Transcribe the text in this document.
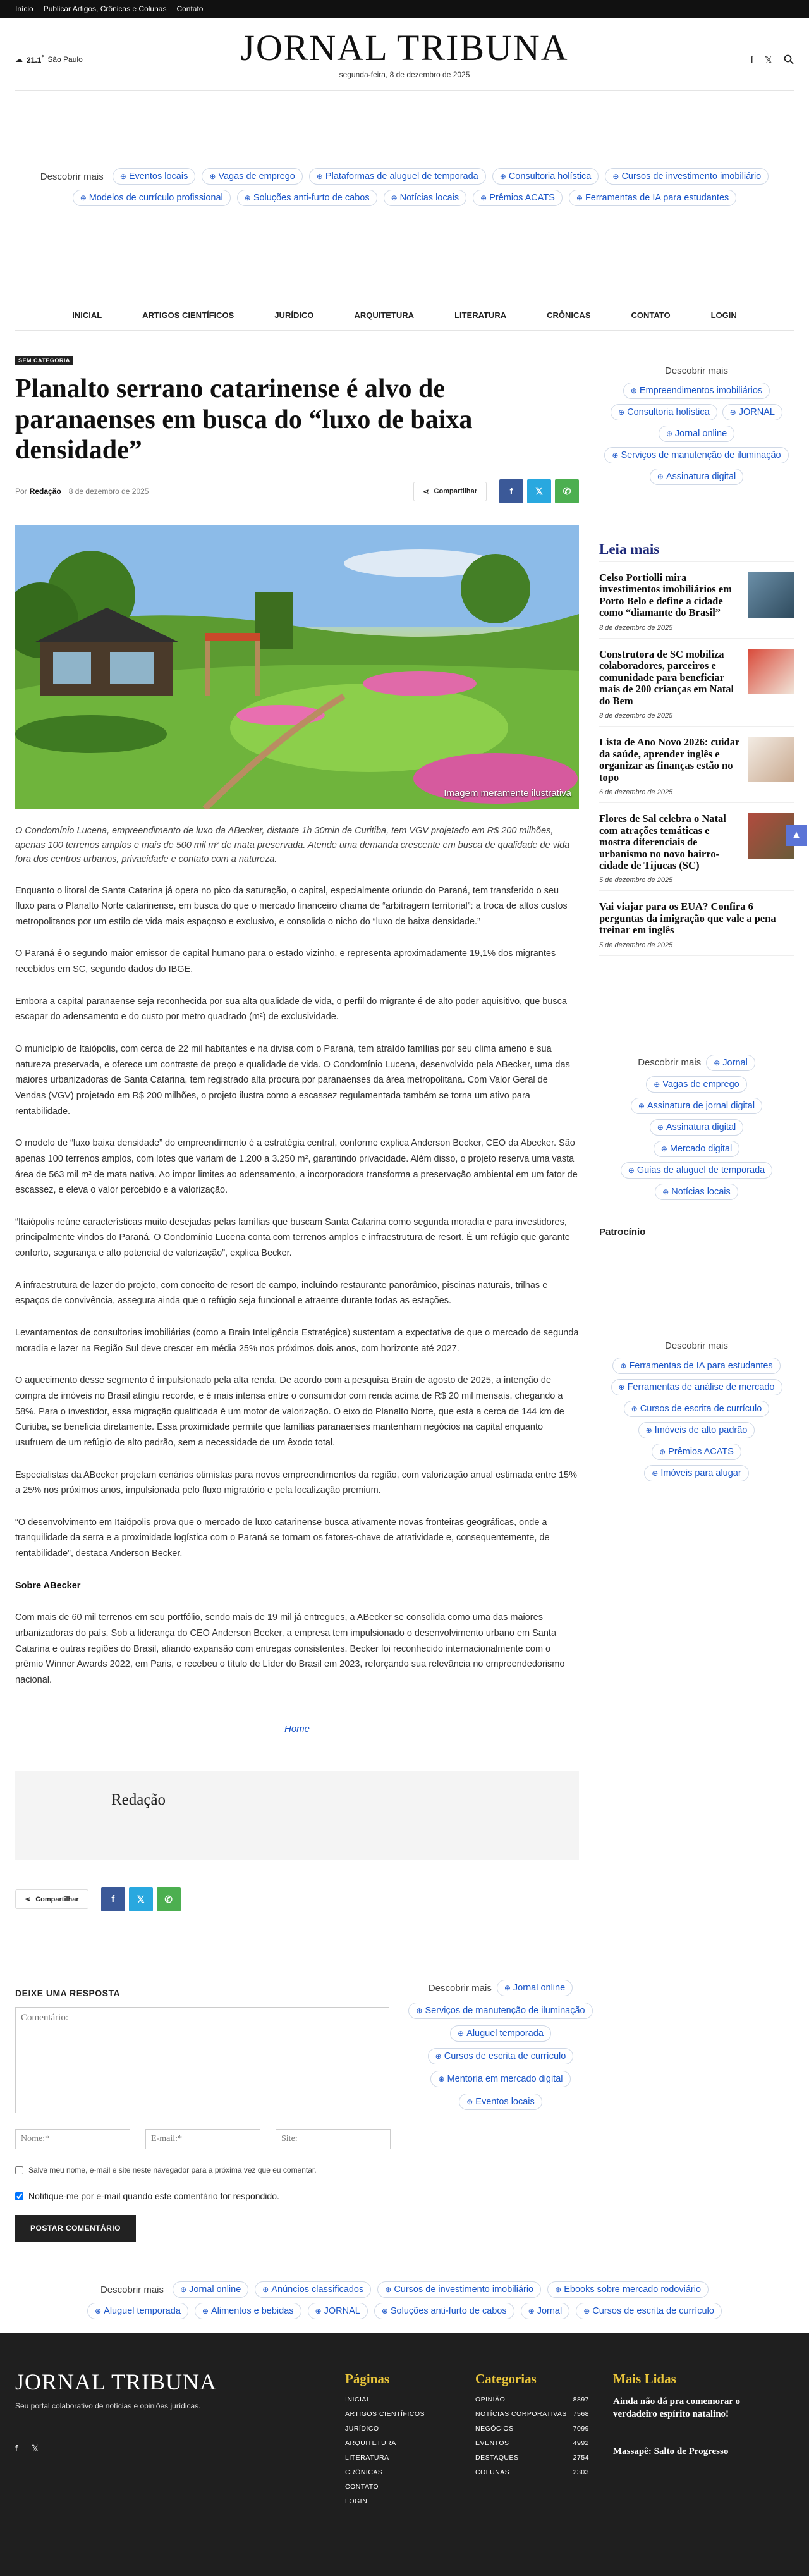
Início Publicar Artigos, Crônicas e Colunas Contato
☁ 21.1° São Paulo	JORNAL TRIBUNA
segunda-feira, 8 de dezembro de 2025
f 𝕏
Descobrir mais ⊕ Eventos locais	⊕ Vagas de emprego	⊕ Plataformas de aluguel de temporada	⊕ Consultoria holística	⊕ Cursos de investimento imobiliário
⊕ Modelos de currículo profissional	⊕ Soluções anti-furto de cabos	⊕ Notícias locais	⊕ Prêmios ACATS	⊕ Ferramentas de IA para estudantes
INICIAL	ARTIGOS CIENTÍFICOS	JURÍDICO	ARQUITETURA	LITERATURA	CRÔNICAS	CONTATO	LOGIN
SEM CATEGORIA
Planalto serrano catarinense é alvo de paranaenses em busca do “luxo de baixa densidade”
Por Redação 8 de dezembro de 2025	⋖ Compartilhar	f	𝕏	✆
Imagem meramente ilustrativa

O Condomínio Lucena, empreendimento de luxo da ABecker, distante 1h 30min de Curitiba, tem VGV projetado em R$ 200 milhões, apenas 100 terrenos amplos e mais de 500 mil m² de mata preservada. Atende uma demanda crescente em busca de qualidade de vida fora dos centros urbanos, privacidade e contato com a natureza.

Enquanto o litoral de Santa Catarina já opera no pico da saturação, o capital, especialmente oriundo do Paraná, tem transferido o seu fluxo para o Planalto Norte catarinense, em busca do que o mercado financeiro chama de “arbitragem territorial”: a troca de altos custos metropolitanos por um estilo de vida mais espaçoso e exclusivo, e consolida o nicho do “luxo de baixa densidade.”

O Paraná é o segundo maior emissor de capital humano para o estado vizinho, e representa aproximadamente 19,1% dos migrantes recebidos em SC, segundo dados do IBGE.

Embora a capital paranaense seja reconhecida por sua alta qualidade de vida, o perfil do migrante é de alto poder aquisitivo, que busca escapar do adensamento e do custo por metro quadrado (m²) de exclusividade.

O município de Itaiópolis, com cerca de 22 mil habitantes e na divisa com o Paraná, tem atraído famílias por seu clima ameno e sua natureza preservada, e oferece um contraste de preço e qualidade de vida. O Condomínio Lucena, desenvolvido pela ABecker, uma das maiores urbanizadoras de Santa Catarina, tem registrado alta procura por paranaenses da área metropolitana. Com Valor Geral de Vendas (VGV) projetado em R$ 200 milhões, o projeto ilustra como a escassez regulamentada também se torna um ativo para rentabilidade.

O modelo de “luxo baixa densidade” do empreendimento é a estratégia central, conforme explica Anderson Becker, CEO da Abecker. São apenas 100 terrenos amplos, com lotes que variam de 1.200 a 3.250 m², garantindo privacidade. Além disso, o projeto reserva uma vasta área de 563 mil m² de mata nativa. Ao impor limites ao adensamento, a incorporadora transforma a preservação ambiental em um fator de escassez, e eleva o valor percebido e a valorização.

“Itaiópolis reúne características muito desejadas pelas famílias que buscam Santa Catarina como segunda moradia e para investidores, principalmente vindos do Paraná. O Condomínio Lucena conta com terrenos amplos e infraestrutura de resort. É um refúgio que garante conforto, segurança e alto potencial de valorização”, explica Becker.

A infraestrutura de lazer do projeto, com conceito de resort de campo, incluindo restaurante panorâmico, piscinas naturais, trilhas e espaços de convivência, assegura ainda que o refúgio seja funcional e atraente durante todas as estações.

Levantamentos de consultorias imobiliárias (como a Brain Inteligência Estratégica) sustentam a expectativa de que o mercado de segunda moradia e lazer na Região Sul deve crescer em média 25% nos próximos dois anos, com horizonte até 2027.

O aquecimento desse segmento é impulsionado pela alta renda. De acordo com a pesquisa Brain de agosto de 2025, a intenção de compra de imóveis no Brasil atingiu recorde, e é mais intensa entre o consumidor com renda acima de R$ 20 mil mensais, chegando a 58%. Para o investidor, essa migração qualificada é um motor de valorização. O eixo do Planalto Norte, que está a cerca de 144 km de Curitiba, se beneficia diretamente. Essa proximidade permite que famílias paranaenses mantenham negócios na capital enquanto usufruem de um refúgio de alto padrão, sem a necessidade de um êxodo total.

Especialistas da ABecker projetam cenários otimistas para novos empreendimentos da região, com valorização anual estimada entre 15% a 25% nos próximos anos, impulsionada pelo fluxo migratório e pela localização premium.

“O desenvolvimento em Itaiópolis prova que o mercado de luxo catarinense busca ativamente novas fronteiras geográficas, onde a tranquilidade da serra e a proximidade logística com o Paraná se tornam os fatores-chave de atratividade e, consequentemente, de rentabilidade”, destaca Anderson Becker.

Sobre ABecker

Com mais de 60 mil terrenos em seu portfólio, sendo mais de 19 mil já entregues, a ABecker se consolida como uma das maiores urbanizadoras do país. Sob a liderança do CEO Anderson Becker, a empresa tem impulsionado o desenvolvimento urbano em Santa Catarina e outras regiões do Brasil, aliando expansão com entregas consistentes. Becker foi reconhecido internacionalmente com o prêmio Winner Awards 2022, em Paris, e recebeu o título de Líder do Brasil em 2023, reforçando sua relevância no empreendedorismo nacional.

Home
Redação
⋖ Compartilhar	f	𝕏	✆
DEIXE UMA RESPOSTA
Comentário:
Nome:*
E-mail:*
Site:
Salve meu nome, e-mail e site neste navegador para a próxima vez que eu comentar.
Notifique-me por e-mail quando este comentário for respondido.
POSTAR COMENTÁRIO
Descobrir mais ⊕ Jornal online
⊕ Serviços de manutenção de iluminação
⊕ Aluguel temporada
⊕ Cursos de escrita de currículo
⊕ Mentoria em mercado digital
⊕ Eventos locais
Descobrir mais
⊕ Empreendimentos imobiliários
⊕ Consultoria holística	⊕ JORNAL
⊕ Jornal online
⊕ Serviços de manutenção de iluminação
⊕ Assinatura digital
Leia mais
Celso Portiolli mira investimentos imobiliários em Porto Belo e define a cidade como “diamante do Brasil”
8 de dezembro de 2025
Construtora de SC mobiliza colaboradores, parceiros e comunidade para beneficiar mais de 200 crianças em Natal do Bem
8 de dezembro de 2025
Lista de Ano Novo 2026: cuidar da saúde, aprender inglês e organizar as finanças estão no topo
6 de dezembro de 2025
Flores de Sal celebra o Natal com atrações temáticas e mostra diferenciais de urbanismo no novo bairro-cidade de Tijucas (SC)
5 de dezembro de 2025
Vai viajar para os EUA? Confira 6 perguntas da imigração que vale a pena treinar em inglês
5 de dezembro de 2025
Descobrir mais ⊕ Jornal
⊕ Vagas de emprego
⊕ Assinatura de jornal digital
⊕ Assinatura digital
⊕ Mercado digital
⊕ Guias de aluguel de temporada
⊕ Notícias locais
Patrocínio
Descobrir mais
⊕ Ferramentas de IA para estudantes
⊕ Ferramentas de análise de mercado
⊕ Cursos de escrita de currículo
⊕ Imóveis de alto padrão
⊕ Prêmios ACATS
⊕ Imóveis para alugar
▲
Descobrir mais ⊕ Jornal online	⊕ Anúncios classificados	⊕ Cursos de investimento imobiliário	⊕ Ebooks sobre mercado rodoviário
⊕ Aluguel temporada	⊕ Alimentos e bebidas	⊕ JORNAL	⊕ Soluções anti-furto de cabos	⊕ Jornal	⊕ Cursos de escrita de currículo
JORNAL TRIBUNA
Seu portal colaborativo de notícias e opiniões jurídicas.
f 𝕏
Páginas
INICIAL
ARTIGOS CIENTÍFICOS
JURÍDICO
ARQUITETURA
LITERATURA
CRÔNICAS
CONTATO
LOGIN
Categorias
OPINIÃO	8897
NOTÍCIAS CORPORATIVAS 7568
NEGÓCIOS	7099
EVENTOS	4992
DESTAQUES	2754
COLUNAS	2303
Mais Lidas
Ainda não dá pra comemorar o verdadeiro espírito natalino!
Massapê: Salto de Progresso
